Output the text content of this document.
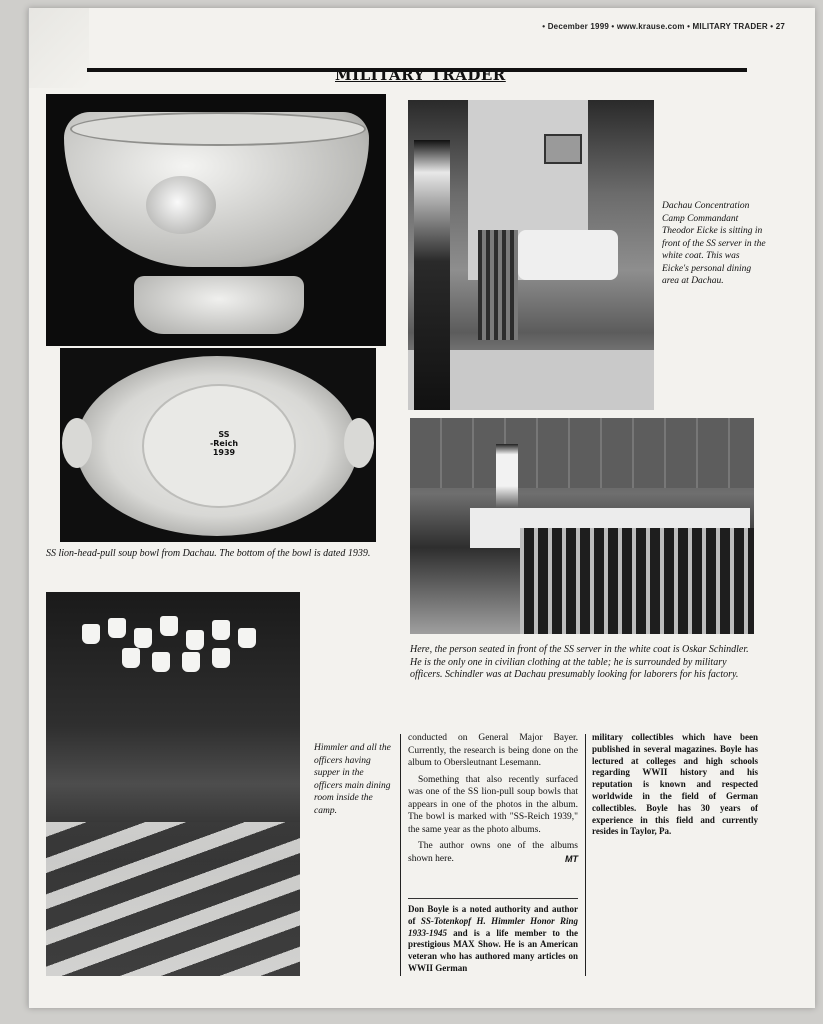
• December 1999 • www.krause.com • MILITARY TRADER • 27
MILITARY TRADER
SS
-Reich
1939
SS lion-head-pull soup bowl from Dachau. The bottom of the bowl is dated 1939.
Dachau Concentration Camp Commandant Theodor Eicke is sitting in front of the SS server in the white coat. This was Eicke's personal dining area at Dachau.
Here, the person seated in front of the SS server in the white coat is Oskar Schindler. He is the only one in civilian clothing at the table; he is surrounded by military officers. Schindler was at Dachau presumably looking for laborers for his factory.
Himmler and all the officers having supper in the officers main dining room inside the camp.

conducted on General Major Bayer. Currently, the research is being done on the album to Obersleutnant Lesemann.

Something that also recently surfaced was one of the SS lion-pull soup bowls that appears in one of the photos in the album. The bowl is marked with "SS-Reich 1939," the same year as the photo albums.

The author owns one of the albums shown here.	MT

Don Boyle is a noted authority and author of SS-Totenkopf H. Himmler Honor Ring 1933-1945 and is a life member to the prestigious MAX Show. He is an American veteran who has authored many articles on WWII German
military collectibles which have been published in several magazines. Boyle has lectured at colleges and high schools regarding WWII history and his reputation is known and respected worldwide in the field of German collectibles. Boyle has 30 years of experience in this field and currently resides in Taylor, Pa.
